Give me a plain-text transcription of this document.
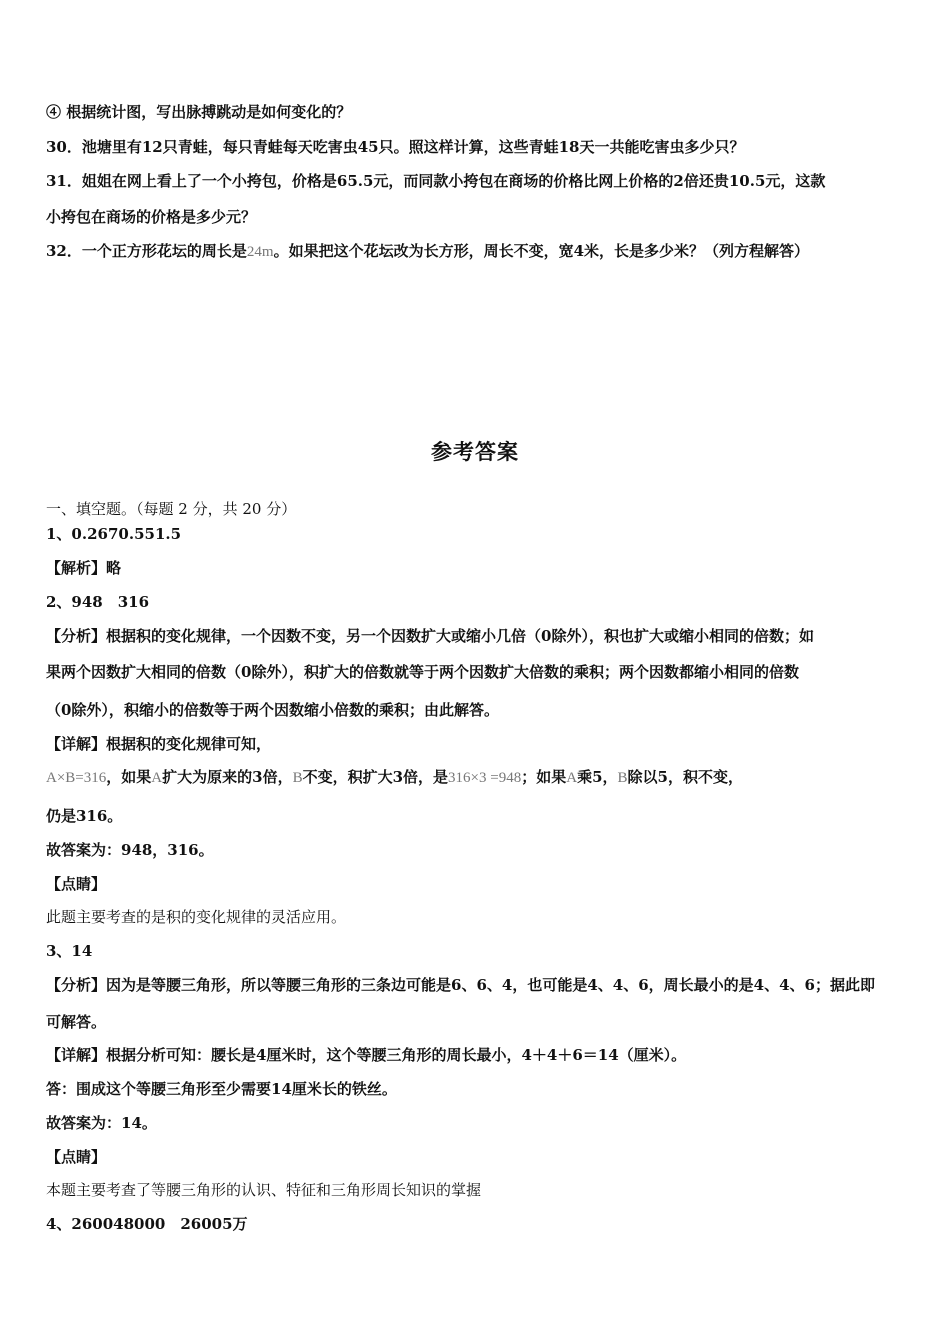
④ 根据统计图，写出脉搏跳动是如何变化的？
30．池塘里有12只青蛙，每只青蛙每天吃害虫45只。照这样计算，这些青蛙18天一共能吃害虫多少只？
31．姐姐在网上看上了一个小挎包，价格是65.5元，而同款小挎包在商场的价格比网上价格的2倍还贵10.5元，这款
小挎包在商场的价格是多少元？
32．一个正方形花坛的周长是24m。如果把这个花坛改为长方形，周长不变，宽4米，长是多少米？（列方程解答）
参考答案
一、填空题。（每题 2 分，共 20 分）
1、0.2670.551.5
【解析】略
2、948　316
【分析】根据积的变化规律，一个因数不变，另一个因数扩大或缩小几倍（0除外），积也扩大或缩小相同的倍数；如
果两个因数扩大相同的倍数（0除外），积扩大的倍数就等于两个因数扩大倍数的乘积；两个因数都缩小相同的倍数
（0除外），积缩小的倍数等于两个因数缩小倍数的乘积；由此解答。
【详解】根据积的变化规律可知，
A×B=316，如果A扩大为原来的3倍，B不变，积扩大3倍，是316×3 =948；如果A乘5，B除以5，积不变，
仍是316。
故答案为：948，316。
【点睛】
此题主要考查的是积的变化规律的灵活应用。
3、14
【分析】因为是等腰三角形，所以等腰三角形的三条边可能是6、6、4，也可能是4、4、6，周长最小的是4、4、6；据此即
可解答。
【详解】根据分析可知：腰长是4厘米时，这个等腰三角形的周长最小，4＋4＋6＝14（厘米）。
答：围成这个等腰三角形至少需要14厘米长的铁丝。
故答案为：14。
【点睛】
本题主要考查了等腰三角形的认识、特征和三角形周长知识的掌握
4、260048000　26005万
